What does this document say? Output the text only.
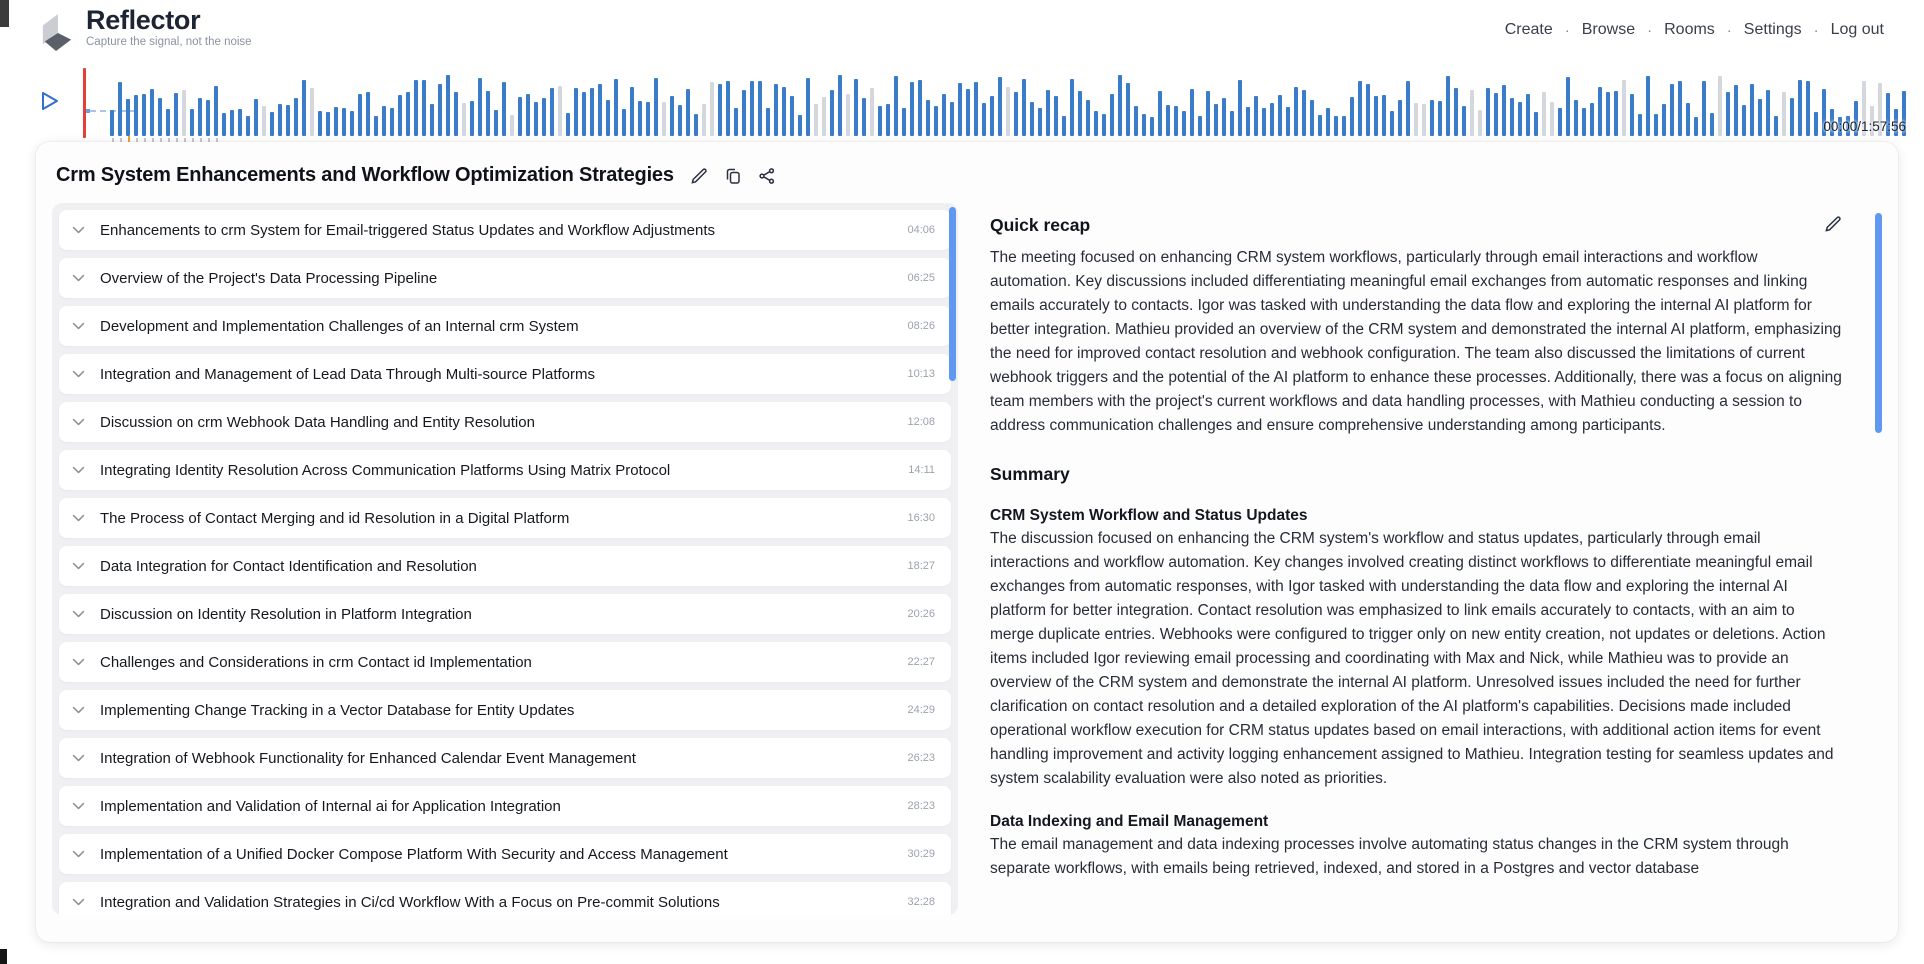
Reflector
Capture the signal, not the noise
Create · Browse · Rooms · Settings · Log out
00:00/1:57:56
Crm System Enhancements and Workflow Optimization Strategies
Enhancements to crm System for Email-triggered Status Updates and Workflow Adjustments	04:06
Overview of the Project's Data Processing Pipeline	06:25
Development and Implementation Challenges of an Internal crm System	08:26
Integration and Management of Lead Data Through Multi-source Platforms	10:13
Discussion on crm Webhook Data Handling and Entity Resolution	12:08
Integrating Identity Resolution Across Communication Platforms Using Matrix Protocol	14:11
The Process of Contact Merging and id Resolution in a Digital Platform	16:30
Data Integration for Contact Identification and Resolution	18:27
Discussion on Identity Resolution in Platform Integration	20:26
Challenges and Considerations in crm Contact id Implementation	22:27
Implementing Change Tracking in a Vector Database for Entity Updates	24:29
Integration of Webhook Functionality for Enhanced Calendar Event Management	26:23
Implementation and Validation of Internal ai for Application Integration	28:23
Implementation of a Unified Docker Compose Platform With Security and Access Management	30:29
Integration and Validation Strategies in Ci/cd Workflow With a Focus on Pre-commit Solutions	32:28
Quick recap

The meeting focused on enhancing CRM system workflows, particularly through email interactions and workflow automation. Key discussions included differentiating meaningful email exchanges from automatic responses and linking emails accurately to contacts. Igor was tasked with understanding the data flow and exploring the internal AI platform for better integration. Mathieu provided an overview of the CRM system and demonstrated the internal AI platform, emphasizing the need for improved contact resolution and webhook configuration. The team also discussed the limitations of current webhook triggers and the potential of the AI platform to enhance these processes. Additionally, there was a focus on aligning team members with the project's current workflows and data handling processes, with Mathieu conducting a session to address communication challenges and ensure comprehensive understanding among participants.

Summary
CRM System Workflow and Status Updates

The discussion focused on enhancing the CRM system's workflow and status updates, particularly through email interactions and workflow automation. Key changes involved creating distinct workflows to differentiate meaningful email exchanges from automatic responses, with Igor tasked with understanding the data flow and exploring the internal AI platform for better integration. Contact resolution was emphasized to link emails accurately to contacts, with an aim to merge duplicate entries. Webhooks were configured to trigger only on new entity creation, not updates or deletions. Action items included Igor reviewing email processing and coordinating with Max and Nick, while Mathieu was to provide an overview of the CRM system and demonstrate the internal AI platform. Unresolved issues included the need for further clarification on contact resolution and a detailed exploration of the AI platform's capabilities. Decisions made included operational workflow execution for CRM status updates based on email interactions, with additional action items for event handling improvement and activity logging enhancement assigned to Mathieu. Integration testing for seamless updates and system scalability evaluation were also noted as priorities.

Data Indexing and Email Management

The email management and data indexing processes involve automating status changes in the CRM system through separate workflows, with emails being retrieved, indexed, and stored in a Postgres and vector database
